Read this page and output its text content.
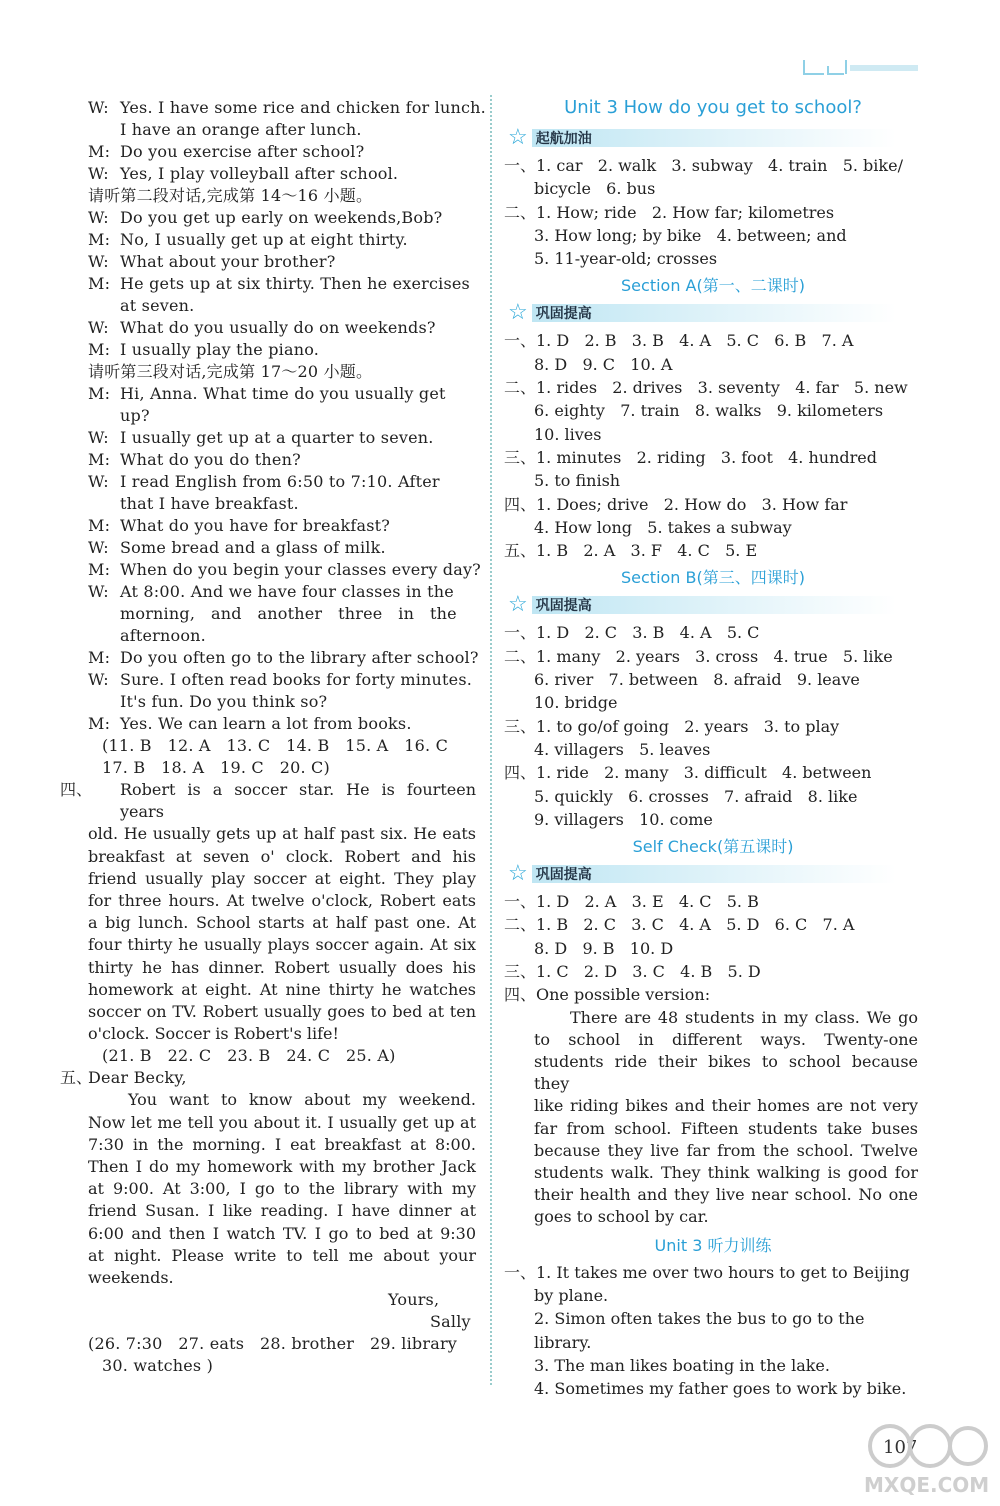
W: Yes. I have some rice and chicken for lunch.
I have an orange after lunch.
M: Do you exercise after school?
W: Yes, I play volleyball after school.
请听第二段对话,完成第 14～16 小题。
W: Do you get up early on weekends,Bob?
M: No, I usually get up at eight thirty.
W: What about your brother?
M: He gets up at six thirty. Then he exercises
at seven.
W: What do you usually do on weekends?
M: I usually play the piano.
请听第三段对话,完成第 17～20 小题。
M: Hi, Anna. What time do you usually get
up?
W: I usually get up at a quarter to seven.
M: What do you do then?
W: I read English from 6:50 to 7:10. After
that I have breakfast.
M: What do you have for breakfast?
W: Some bread and a glass of milk.
M: When do you begin your classes every day?
W: At 8:00. And we have four classes in the
morning,   and   another   three   in   the
afternoon.
M: Do you often go to the library after school?
W: Sure. I often read books for forty minutes.
It's fun. Do you think so?
M: Yes. We can learn a lot from books.
(11. B   12. A   13. C   14. B   15. A   16. C
17. B   18. A   19. C   20. C)
四、	Robert is a soccer star. He is fourteen years
old. He usually gets up at half past six. He eats
breakfast at seven o' clock. Robert and his
friend usually play soccer at eight. They play
for three hours. At twelve o'clock, Robert eats
a big lunch. School starts at half past one. At
four thirty he usually plays soccer again. At six
thirty he has dinner. Robert usually does his
homework at eight. At nine thirty he watches
soccer on TV. Robert usually goes to bed at ten
o'clock. Soccer is Robert's life!
(21. B   22. C   23. B   24. C   25. A)
五、
Dear Becky,
You want to know about my weekend.
Now let me tell you about it. I usually get up at
7:30 in the morning. I eat breakfast at 8:00.
Then I do my homework with my brother Jack
at 9:00. At 3:00, I go to the library with my
friend Susan. I like reading. I have dinner at
6:00 and then I watch TV. I go to bed at 9:30
at night. Please write to tell me about your
weekends.
Yours,
Sally
(26. 7:30   27. eats   28. brother   29. library
30. watches )
Unit 3 How do you get to school?
☆ 起航加油
一、1. car   2. walk   3. subway   4. train   5. bike/
bicycle   6. bus
二、1. How; ride   2. How far; kilometres
3. How long; by bike   4. between; and
5. 11-year-old; crosses
Section A(第一、二课时)
☆ 巩固提高
一、1. D   2. B   3. B   4. A   5. C   6. B   7. A
8. D   9. C   10. A
二、1. rides   2. drives   3. seventy   4. far   5. new
6. eighty   7. train   8. walks   9. kilometers
10. lives
三、1. minutes   2. riding   3. foot   4. hundred
5. to finish
四、1. Does; drive   2. How do   3. How far
4. How long   5. takes a subway
五、1. B   2. A   3. F   4. C   5. E
Section B(第三、四课时)
☆ 巩固提高
一、1. D   2. C   3. B   4. A   5. C
二、1. many   2. years   3. cross   4. true   5. like
6. river   7. between   8. afraid   9. leave
10. bridge
三、1. to go/of going   2. years   3. to play
4. villagers   5. leaves
四、1. ride   2. many   3. difficult   4. between
5. quickly   6. crosses   7. afraid   8. like
9. villagers   10. come
Self Check(第五课时)
☆ 巩固提高
一、1. D   2. A   3. E   4. C   5. B
二、1. B   2. C   3. C   4. A   5. D   6. C   7. A
8. D   9. B   10. D
三、1. C   2. D   3. C   4. B   5. D
四、One possible version:
There are 48 students in my class. We go
to school in different ways. Twenty-one
students ride their bikes to school because they
like riding bikes and their homes are not very
far from school. Fifteen students take buses
because they live far from the school. Twelve
students walk. They think walking is good for
their health and they live near school. No one
goes to school by car.
Unit 3 听力训练
一、1. It takes me over two hours to get to Beijing
by plane.
2. Simon often takes the bus to go to the
library.
3. The man likes boating in the lake.
4. Sometimes my father goes to work by bike.
107
MXQE.COM
